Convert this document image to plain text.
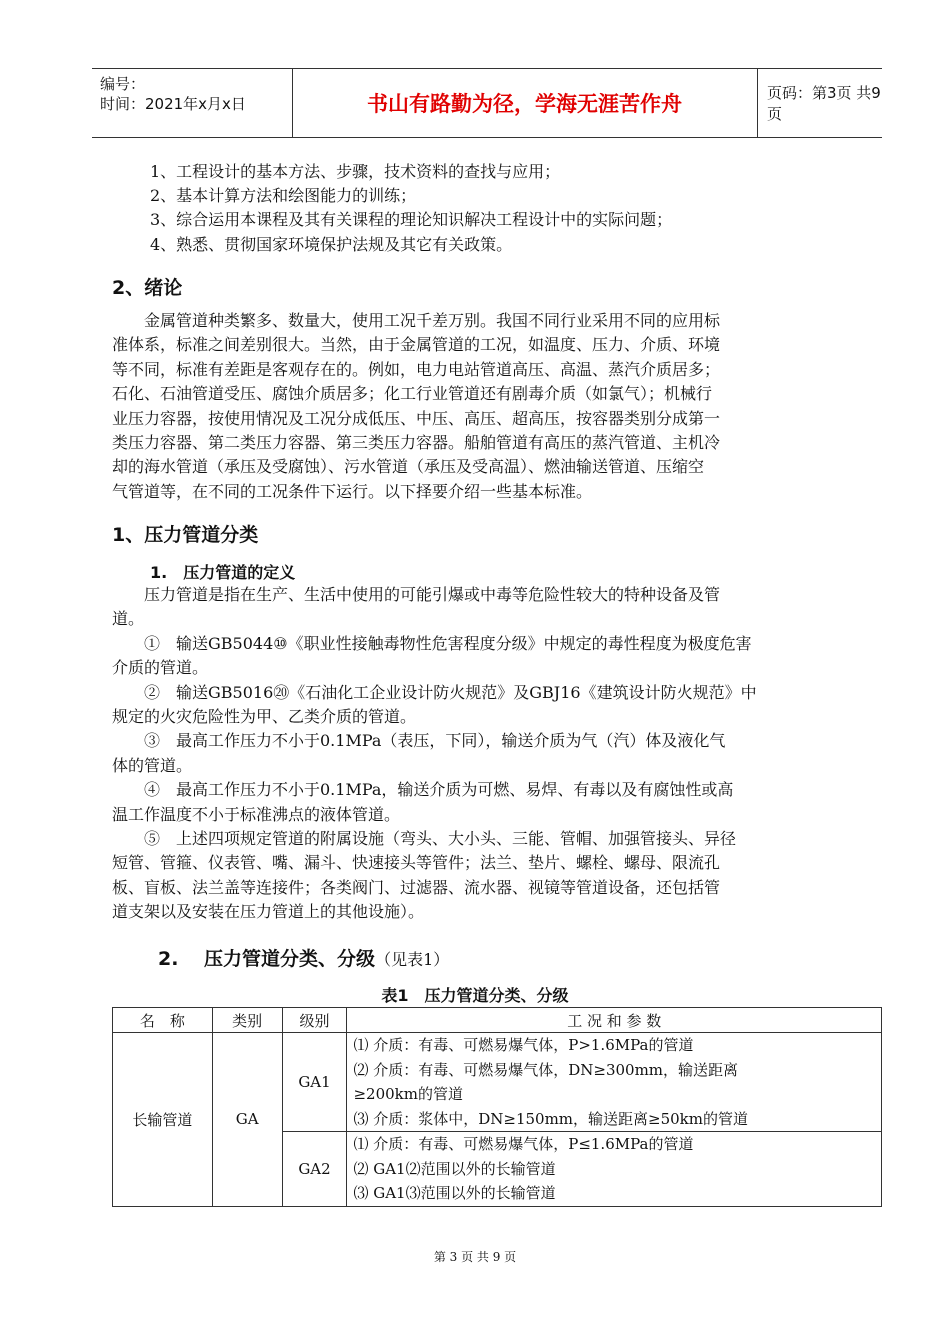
编号：
时间：2021年x月x日	书山有路勤为径，学海无涯苦作舟	页码：第3页 共9页
1、工程设计的基本方法、步骤，技术资料的查找与应用；
2、基本计算方法和绘图能力的训练；
3、综合运用本课程及其有关课程的理论知识解决工程设计中的实际问题；
4、熟悉、贯彻国家环境保护法规及其它有关政策。
2、绪论
　　金属管道种类繁多、数量大，使用工况千差万别。我国不同行业采用不同的应用标
准体系，标准之间差别很大。当然，由于金属管道的工况，如温度、压力、介质、环境
等不同，标准有差距是客观存在的。例如，电力电站管道高压、高温、蒸汽介质居多；
石化、石油管道受压、腐蚀介质居多；化工行业管道还有剧毒介质（如氯气）；机械行
业压力容器，按使用情况及工况分成低压、中压、高压、超高压，按容器类别分成第一
类压力容器、第二类压力容器、第三类压力容器。船舶管道有高压的蒸汽管道、主机冷
却的海水管道（承压及受腐蚀）、污水管道（承压及受高温）、燃油输送管道、压缩空
气管道等，在不同的工况条件下运行。以下择要介绍一些基本标准。
1、压力管道分类
1.　压力管道的定义
　　压力管道是指在生产、生活中使用的可能引爆或中毒等危险性较大的特种设备及管
道。
　　①　输送GB5044⑩《职业性接触毒物性危害程度分级》中规定的毒性程度为极度危害
介质的管道。
　　②　输送GB5016⑳《石油化工企业设计防火规范》及GBJ16《建筑设计防火规范》中
规定的火灾危险性为甲、乙类介质的管道。
　　③　最高工作压力不小于0.1MPa（表压，下同），输送介质为气（汽）体及液化气
体的管道。
　　④　最高工作压力不小于0.1MPa，输送介质为可燃、易焊、有毒以及有腐蚀性或高
温工作温度不小于标准沸点的液体管道。
　　⑤　上述四项规定管道的附属设施（弯头、大小头、三能、管帽、加强管接头、异径
短管、管箍、仪表管、嘴、漏斗、快速接头等管件；法兰、垫片、螺栓、螺母、限流孔
板、盲板、法兰盖等连接件；各类阀门、过滤器、流水器、视镜等管道设备，还包括管
道支架以及安装在压力管道上的其他设施）。
2.　 压力管道分类、分级（见表1）
表1　压力管道分类、分级
名　称	类别	级别	工 况 和 参 数
长输管道	GA	GA1	⑴ 介质：有毒、可燃易爆气体，P>1.6MPa的管道
⑵ 介质：有毒、可燃易爆气体，DN≥300mm，输送距离
≥200km的管道
⑶ 介质：浆体中，DN≥150mm，输送距离≥50km的管道

		GA2	⑴ 介质：有毒、可燃易爆气体，P≤1.6MPa的管道
⑵ GA1⑵范围以外的长输管道
⑶ GA1⑶范围以外的长输管道
第 3 页 共 9 页
